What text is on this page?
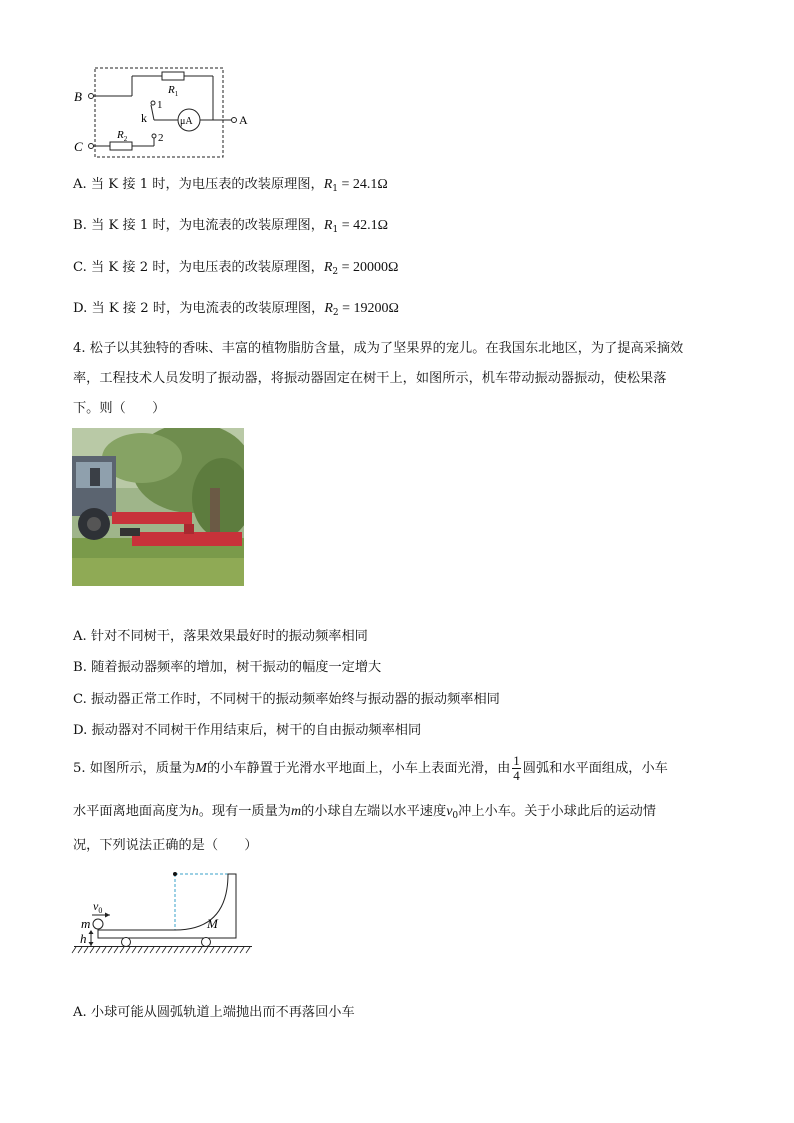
B	$R_1$
1
k	μA	A
C
$R_2$	2
A. 当 K 接 1 时，为电压表的改装原理图，$R_1 = 24.1\Omega$
B. 当 K 接 1 时，为电流表的改装原理图，$R_1 = 42.1\Omega$
C. 当 K 接 2 时，为电压表的改装原理图，$R_2 = 20000\Omega$
D. 当 K 接 2 时，为电流表的改装原理图，$R_2 = 19200\Omega$
4. 松子以其独特的香味、丰富的植物脂肪含量，成为了坚果界的宠儿。在我国东北地区，为了提高采摘效
率，工程技术人员发明了振动器，将振动器固定在树干上，如图所示，机车带动振动器振动，使松果落
下。则（　　）
A. 针对不同树干，落果效果最好时的振动频率相同
B. 随着振动器频率的增加，树干振动的幅度一定增大
C. 振动器正常工作时，不同树干的振动频率始终与振动器的振动频率相同
D. 振动器对不同树干作用结束后，树干的自由振动频率相同
5. 如图所示，质量为M的小车静置于光滑水平地面上，小车上表面光滑，由 $\frac{1}{4}$ 圆弧和水平面组成，小车
水平面离地面高度为h。现有一质量为m的小球自左端以水平速度$v_0$冲上小车。关于小球此后的运动情
况，下列说法正确的是（　　）
m
$v_0$
h
M
A. 小球可能从圆弧轨道上端抛出而不再落回小车
